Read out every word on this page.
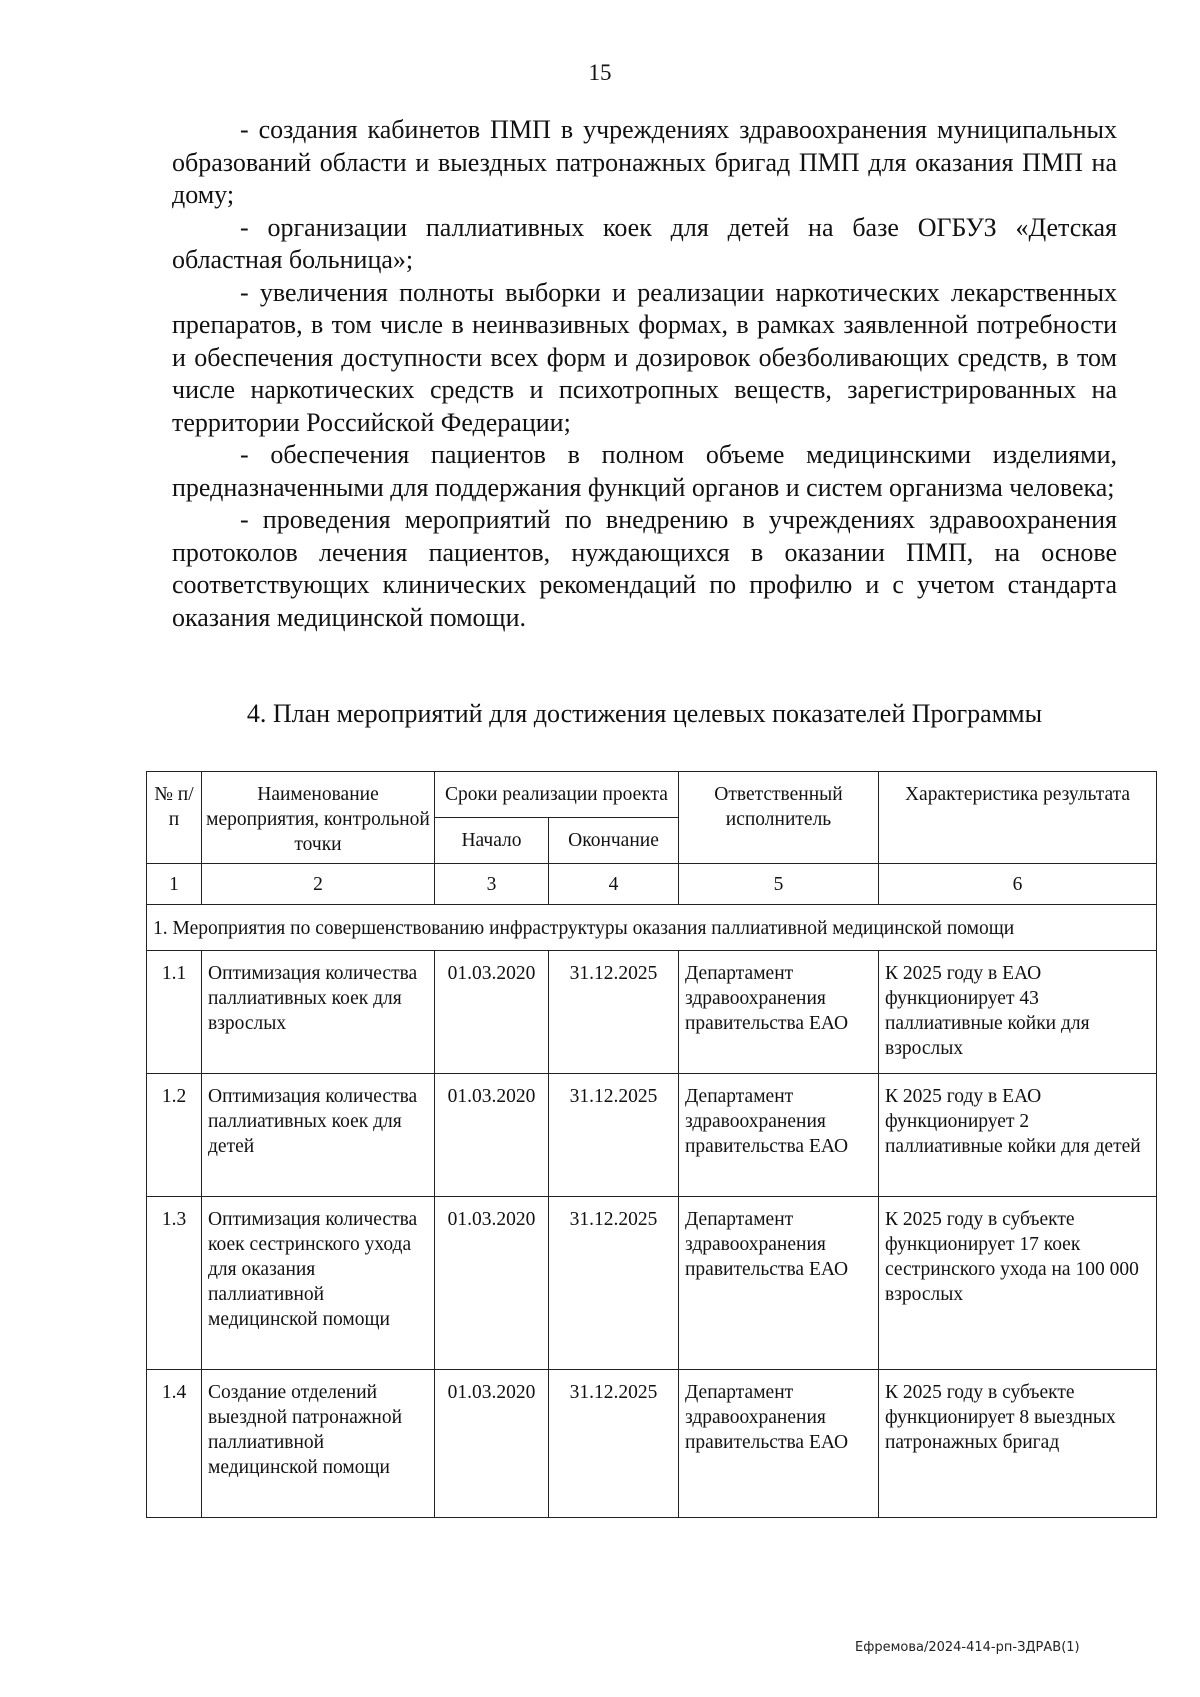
15

- создания кабинетов ПМП в учреждениях здравоохранения муниципальных образований области и выездных патронажных бригад ПМП для оказания ПМП на дому;

- организации паллиативных коек для детей на базе ОГБУЗ «Детская областная больница»;

- увеличения полноты выборки и реализации наркотических лекарственных препаратов, в том числе в неинвазивных формах, в рамках заявленной потребности и обеспечения доступности всех форм и дозировок обезболивающих средств, в том числе наркотических средств и психотропных веществ, зарегистрированных на территории Российской Федерации;

- обеспечения пациентов в полном объеме медицинскими изделиями, предназначенными для поддержания функций органов и систем организма человека;

- проведения мероприятий по внедрению в учреждениях здравоохранения протоколов лечения пациентов, нуждающихся в оказании ПМП, на основе соответствующих клинических рекомендаций по профилю и с учетом стандарта оказания медицинской помощи.

4. План мероприятий для достижения целевых показателей Программы
№ п/п	Наименование мероприятия, контрольной точки	Сроки реализации проекта		Ответственный исполнитель	Характеристика результата
		Начало	Окончание		
1	2	3	4	5	6
1. Мероприятия по совершенствованию инфраструктуры оказания паллиативной медицинской помощи					
1.1	Оптимизация количества паллиативных коек для взрослых	01.03.2020	31.12.2025	Департамент здравоохранения правительства ЕАО	К 2025 году в ЕАО функционирует 43 паллиативные койки для взрослых
1.2	Оптимизация количества паллиативных коек для детей	01.03.2020	31.12.2025	Департамент здравоохранения правительства ЕАО	К 2025 году в ЕАО функционирует 2 паллиативные койки для детей
1.3	Оптимизация количества коек сестринского ухода для оказания паллиативной медицинской помощи	01.03.2020	31.12.2025	Департамент здравоохранения правительства ЕАО	К 2025 году в субъекте функционирует 17 коек сестринского ухода на 100 000 взрослых
1.4	Создание отделений выездной патронажной паллиативной медицинской помощи	01.03.2020	31.12.2025	Департамент здравоохранения правительства ЕАО	К 2025 году в субъекте функционирует 8 выездных патронажных бригад
Ефремова/2024-414-рп-ЗДРАВ(1)
